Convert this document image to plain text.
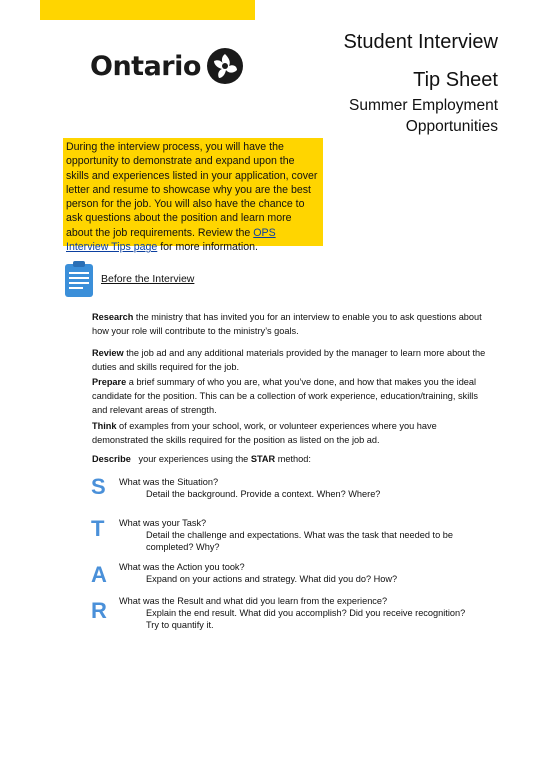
Ontario
Student Interview
Tip Sheet
Summer Employment
Opportunities
During the interview process, you will have the opportunity to demonstrate and expand upon the skills and experiences listed in your application, cover letter and resume to showcase why you are the best person for the job. You will also have the chance to ask questions about the position and learn more about the job requirements. Review the OPS Interview Tips page for more information.
Before the Interview
Research the ministry that has invited you for an interview to enable you to ask questions about how your role will contribute to the ministry’s goals.
Review the job ad and any additional materials provided by the manager to learn more about the duties and skills required for the job.
Prepare a brief summary of who you are, what you’ve done, and how that makes you the ideal candidate for the position. This can be a collection of work experience, education/training, skills and relevant areas of strength.
Think of examples from your school, work, or volunteer experiences where you have demonstrated the skills required for the position as listed on the job ad.
Describe   your experiences using the STAR method:
S What was the Situation?
Detail the background. Provide a context. When? Where?
T What was your Task?
Detail the challenge and expectations. What was the task that needed to be completed? Why?
A What was the Action you took?
Expand on your actions and strategy. What did you do? How?
R What was the Result and what did you learn from the experience?
Explain the end result. What did you accomplish? Did you receive recognition? Try to quantify it.
